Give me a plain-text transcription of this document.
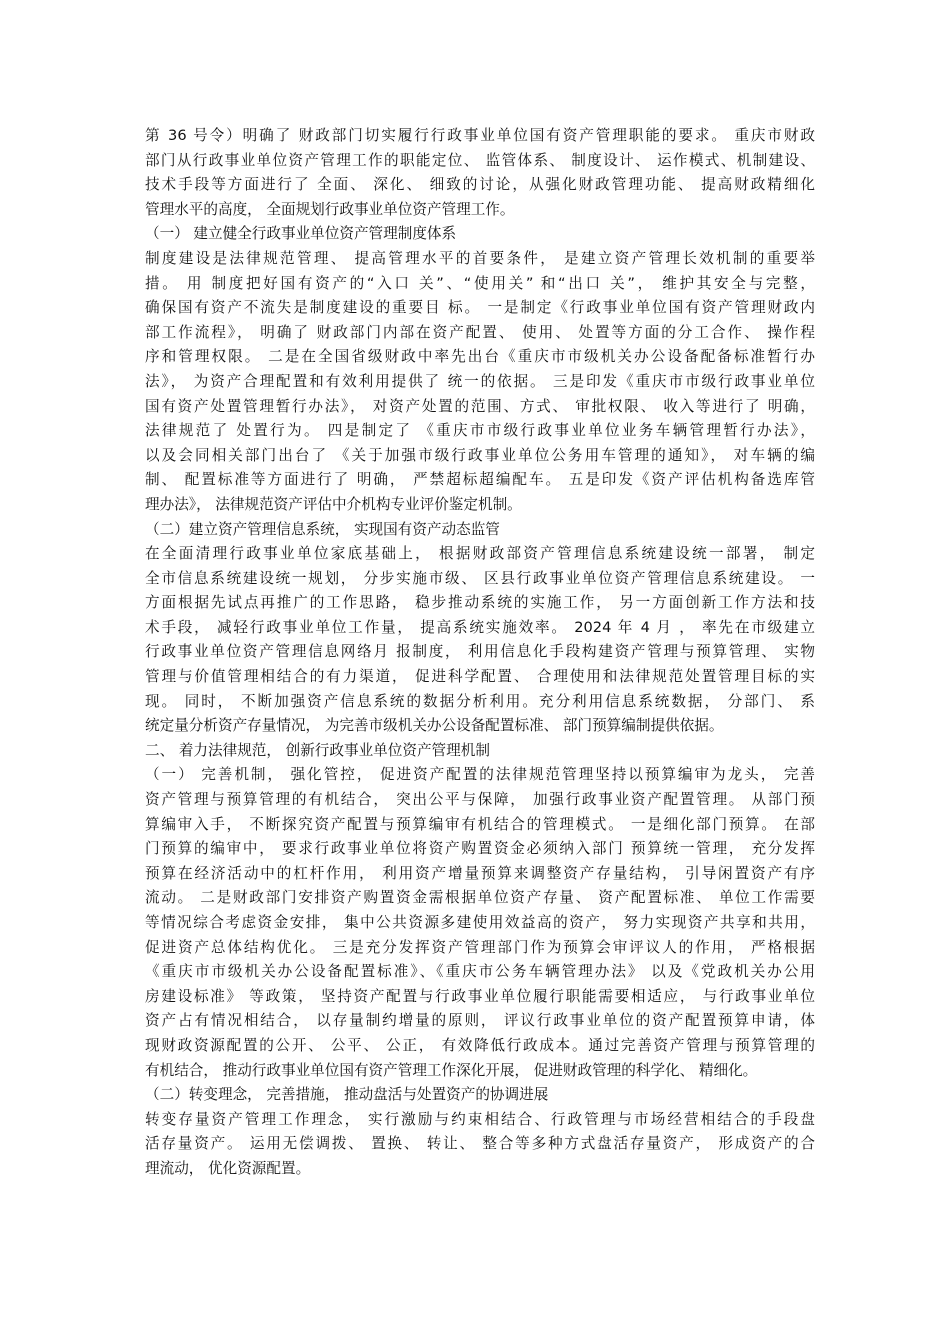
第 36 号令）明确了 财政部门切实履行行政事业单位国有资产管理职能的要求。 重庆市财政
部门从行政事业单位资产管理工作的职能定位、 监管体系、 制度设计、 运作模式、机制建设、
技术手段等方面进行了 全面、 深化、 细致的讨论，从强化财政管理功能、 提高财政精细化
管理水平的高度， 全面规划行政事业单位资产管理工作。
（一） 建立健全行政事业单位资产管理制度体系
制度建设是法律规范管理、 提高管理水平的首要条件， 是建立资产管理长效机制的重要举
措。 用 制度把好国有资产的“入口 关”、“使用关” 和“出口 关”， 维护其安全与完整，
确保国有资产不流失是制度建设的重要目 标。 一是制定《行政事业单位国有资产管理财政内
部工作流程》， 明确了 财政部门内部在资产配置、 使用、 处置等方面的分工合作、 操作程
序和管理权限。 二是在全国省级财政中率先出台《重庆市市级机关办公设备配备标准暂行办
法》， 为资产合理配置和有效利用提供了 统一的依据。 三是印发《重庆市市级行政事业单位
国有资产处置管理暂行办法》， 对资产处置的范围、方式、 审批权限、 收入等进行了 明确，
法律规范了 处置行为。 四是制定了 《重庆市市级行政事业单位业务车辆管理暂行办法》，
以及会同相关部门出台了 《关于加强市级行政事业单位公务用车管理的通知》， 对车辆的编
制、 配置标准等方面进行了 明确， 严禁超标超编配车。 五是印发《资产评估机构备选库管
理办法》， 法律规范资产评估中介机构专业评价鉴定机制。
（二）建立资产管理信息系统， 实现国有资产动态监管
在全面清理行政事业单位家底基础上， 根据财政部资产管理信息系统建设统一部署， 制定
全市信息系统建设统一规划， 分步实施市级、 区县行政事业单位资产管理信息系统建设。 一
方面根据先试点再推广的工作思路， 稳步推动系统的实施工作， 另一方面创新工作方法和技
术手段， 减轻行政事业单位工作量， 提高系统实施效率。 2024 年 4 月 ， 率先在市级建立
行政事业单位资产管理信息网络月 报制度， 利用信息化手段构建资产管理与预算管理、 实物
管理与价值管理相结合的有力渠道， 促进科学配置、 合理使用和法律规范处置管理目标的实
现。 同时， 不断加强资产信息系统的数据分析利用。充分利用信息系统数据， 分部门、 系
统定量分析资产存量情况， 为完善市级机关办公设备配置标准、 部门预算编制提供依据。
二、 着力法律规范， 创新行政事业单位资产管理机制
（一） 完善机制， 强化管控， 促进资产配置的法律规范管理坚持以预算编审为龙头， 完善
资产管理与预算管理的有机结合， 突出公平与保障， 加强行政事业资产配置管理。 从部门预
算编审入手， 不断探究资产配置与预算编审有机结合的管理模式。 一是细化部门预算。 在部
门预算的编审中， 要求行政事业单位将资产购置资金必须纳入部门 预算统一管理， 充分发挥
预算在经济活动中的杠杆作用， 利用资产增量预算来调整资产存量结构， 引导闲置资产有序
流动。 二是财政部门安排资产购置资金需根据单位资产存量、 资产配置标准、 单位工作需要
等情况综合考虑资金安排， 集中公共资源多建使用效益高的资产， 努力实现资产共享和共用，
促进资产总体结构优化。 三是充分发挥资产管理部门作为预算会审评议人的作用， 严格根据
《重庆市市级机关办公设备配置标准》、《重庆市公务车辆管理办法》 以及《党政机关办公用
房建设标准》 等政策， 坚持资产配置与行政事业单位履行职能需要相适应， 与行政事业单位
资产占有情况相结合， 以存量制约增量的原则， 评议行政事业单位的资产配置预算申请，体
现财政资源配置的公开、 公平、 公正， 有效降低行政成本。通过完善资产管理与预算管理的
有机结合， 推动行政事业单位国有资产管理工作深化开展， 促进财政管理的科学化、 精细化。
（二）转变理念， 完善措施， 推动盘活与处置资产的协调进展
转变存量资产管理工作理念， 实行激励与约束相结合、行政管理与市场经营相结合的手段盘
活存量资产。 运用无偿调拨、 置换、 转让、 整合等多种方式盘活存量资产， 形成资产的合
理流动， 优化资源配置。
